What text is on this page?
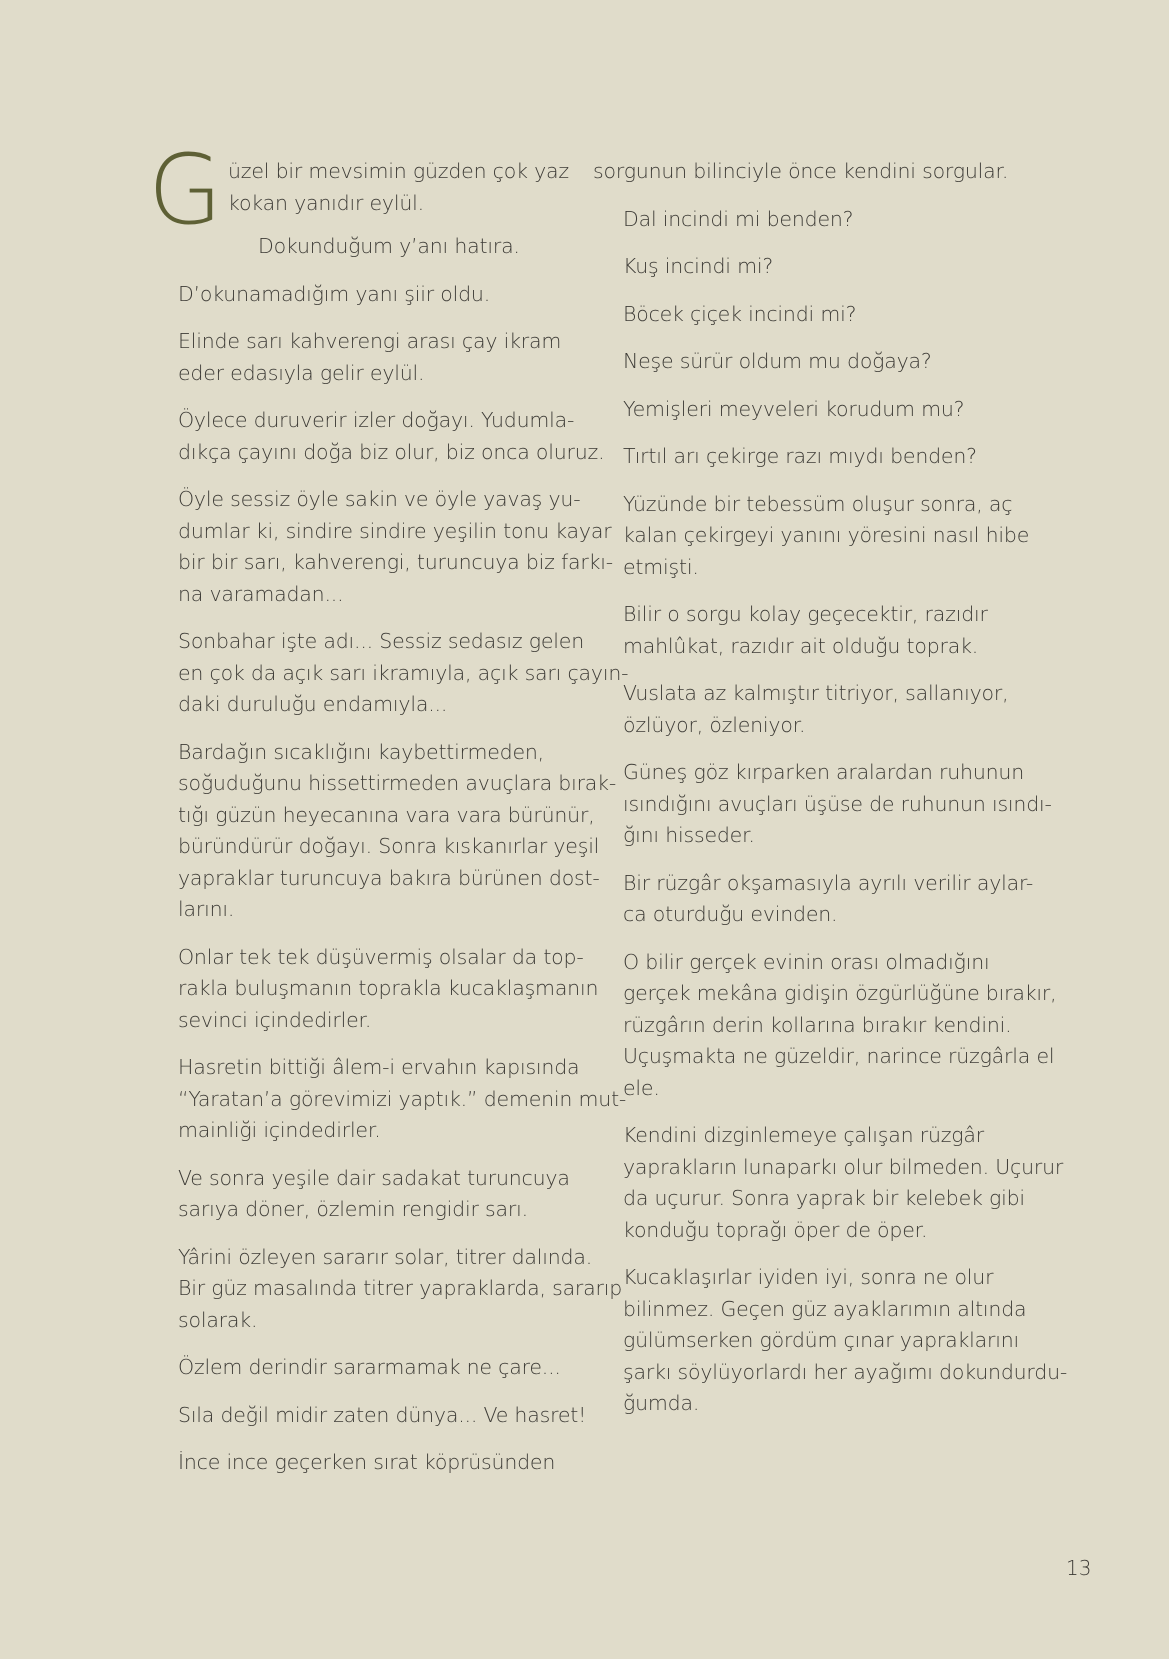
G üzel bir mevsimin güzden çok yaz
kokan yanıdır eylül.
Dokunduğum y’anı hatıra.
D’okunamadığım yanı şiir oldu.
Elinde sarı kahverengi arası çay ikram
eder edasıyla gelir eylül.
Öylece duruverir izler doğayı. Yudumla-
dıkça çayını doğa biz olur, biz onca oluruz.
Öyle sessiz öyle sakin ve öyle yavaş yu-
dumlar ki, sindire sindire yeşilin tonu kayar
bir bir sarı, kahverengi, turuncuya biz farkı-
na varamadan...
Sonbahar işte adı... Sessiz sedasız gelen
en çok da açık sarı ikramıyla, açık sarı çayın-
daki duruluğu endamıyla...
Bardağın sıcaklığını kaybettirmeden,
soğuduğunu hissettirmeden avuçlara bırak-
tığı güzün heyecanına vara vara bürünür,
büründürür doğayı. Sonra kıskanırlar yeşil
yapraklar turuncuya bakıra bürünen dost-
larını.
Onlar tek tek düşüvermiş olsalar da top-
rakla buluşmanın toprakla kucaklaşmanın
sevinci içindedirler.
Hasretin bittiği âlem-i ervahın kapısında
“Yaratan’a görevimizi yaptık.” demenin mut-
mainliği içindedirler.
Ve sonra yeşile dair sadakat turuncuya
sarıya döner, özlemin rengidir sarı.
Yârini özleyen sararır solar, titrer dalında.
Bir güz masalında titrer yapraklarda, sararıp
solarak.
Özlem derindir sararmamak ne çare...
Sıla değil midir zaten dünya... Ve hasret!
İnce ince geçerken sırat köprüsünden
sorgunun bilinciyle önce kendini sorgular.
Dal incindi mi benden?
Kuş incindi mi?
Böcek çiçek incindi mi?
Neşe sürür oldum mu doğaya?
Yemişleri meyveleri korudum mu?
Tırtıl arı çekirge razı mıydı benden?
Yüzünde bir tebessüm oluşur sonra, aç
kalan çekirgeyi yanını yöresini nasıl hibe
etmişti.
Bilir o sorgu kolay geçecektir, razıdır
mahlûkat, razıdır ait olduğu toprak.
Vuslata az kalmıştır titriyor, sallanıyor,
özlüyor, özleniyor.
Güneş göz kırparken aralardan ruhunun
ısındığını avuçları üşüse de ruhunun ısındı-
ğını hisseder.
Bir rüzgâr okşamasıyla ayrılı verilir aylar-
ca oturduğu evinden.
O bilir gerçek evinin orası olmadığını
gerçek mekâna gidişin özgürlüğüne bırakır,
rüzgârın derin kollarına bırakır kendini.
Uçuşmakta ne güzeldir, narince rüzgârla el
ele.
Kendini dizginlemeye çalışan rüzgâr
yaprakların lunaparkı olur bilmeden. Uçurur
da uçurur. Sonra yaprak bir kelebek gibi
konduğu toprağı öper de öper.
Kucaklaşırlar iyiden iyi, sonra ne olur
bilinmez. Geçen güz ayaklarımın altında
gülümserken gördüm çınar yapraklarını
şarkı söylüyorlardı her ayağımı dokundurdu-
ğumda.
13
